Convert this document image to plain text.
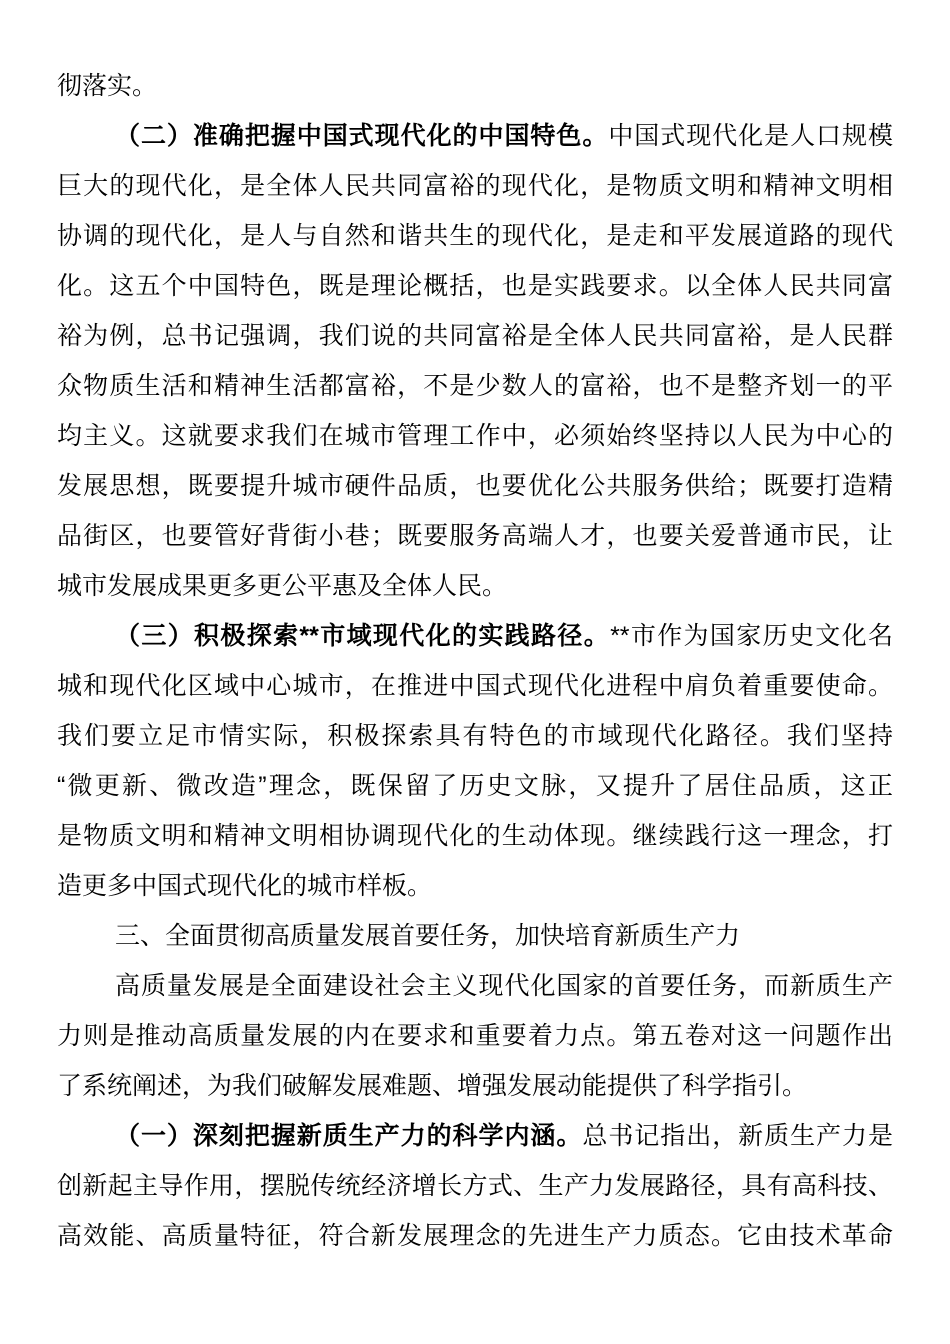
彻落实。
（二）准确把握中国式现代化的中国特色。中国式现代化是人口规模
巨大的现代化，是全体人民共同富裕的现代化，是物质文明和精神文明相
协调的现代化，是人与自然和谐共生的现代化，是走和平发展道路的现代
化。这五个中国特色，既是理论概括，也是实践要求。以全体人民共同富
裕为例，总书记强调，我们说的共同富裕是全体人民共同富裕，是人民群
众物质生活和精神生活都富裕，不是少数人的富裕，也不是整齐划一的平
均主义。这就要求我们在城市管理工作中，必须始终坚持以人民为中心的
发展思想，既要提升城市硬件品质，也要优化公共服务供给；既要打造精
品街区，也要管好背街小巷；既要服务高端人才，也要关爱普通市民，让
城市发展成果更多更公平惠及全体人民。
（三）积极探索**市域现代化的实践路径。**市作为国家历史文化名
城和现代化区域中心城市，在推进中国式现代化进程中肩负着重要使命。
我们要立足市情实际，积极探索具有特色的市域现代化路径。我们坚持
“微更新、微改造”理念，既保留了历史文脉，又提升了居住品质，这正
是物质文明和精神文明相协调现代化的生动体现。继续践行这一理念，打
造更多中国式现代化的城市样板。
三、全面贯彻高质量发展首要任务，加快培育新质生产力
高质量发展是全面建设社会主义现代化国家的首要任务，而新质生产
力则是推动高质量发展的内在要求和重要着力点。第五卷对这一问题作出
了系统阐述，为我们破解发展难题、增强发展动能提供了科学指引。
（一）深刻把握新质生产力的科学内涵。总书记指出，新质生产力是
创新起主导作用，摆脱传统经济增长方式、生产力发展路径，具有高科技、
高效能、高质量特征，符合新发展理念的先进生产力质态。它由技术革命
